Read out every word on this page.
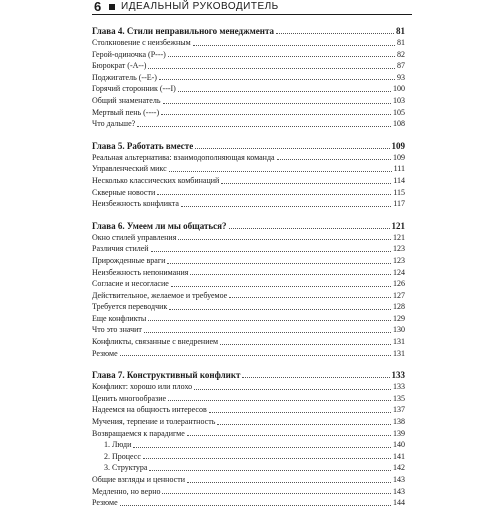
6 ИДЕАЛЬНЫЙ РУКОВОДИТЕЛЬ
Глава 4. Стили неправильного менеджмента	81
Столкновение с неизбежным	81
Герой-одиночка (P---)	82
Бюрократ (-A--)	87
Поджигатель (--E-)	93
Горячий сторонник (---I)	100
Общий знаменатель	103
Мертвый пень (----)	105
Что дальше?	108
Глава 5. Работать вместе	109
Реальная альтернатива: взаимодополняющая команда	109
Управленческий микс	111
Несколько классических комбинаций	114
Скверные новости	115
Неизбежность конфликта	117
Глава 6. Умеем ли мы общаться?	121
Окно стилей управления	121
Различия стилей	123
Прирожденные враги	123
Неизбежность непонимания	124
Согласие и несогласие	126
Действительное, желаемое и требуемое	127
Требуется переводчик	128
Еще конфликты	129
Что это значит	130
Конфликты, связанные с внедрением	131
Резюме	131
Глава 7. Конструктивный конфликт	133
Конфликт: хорошо или плохо	133
Ценить многообразие	135
Надеемся на общность интересов	137
Мучения, терпение и толерантность	138
Возвращаемся к парадигме	139
1. Люди	140
2. Процесс	141
3. Структура	142
Общие взгляды и ценности	143
Медленно, но верно	143
Резюме	144
